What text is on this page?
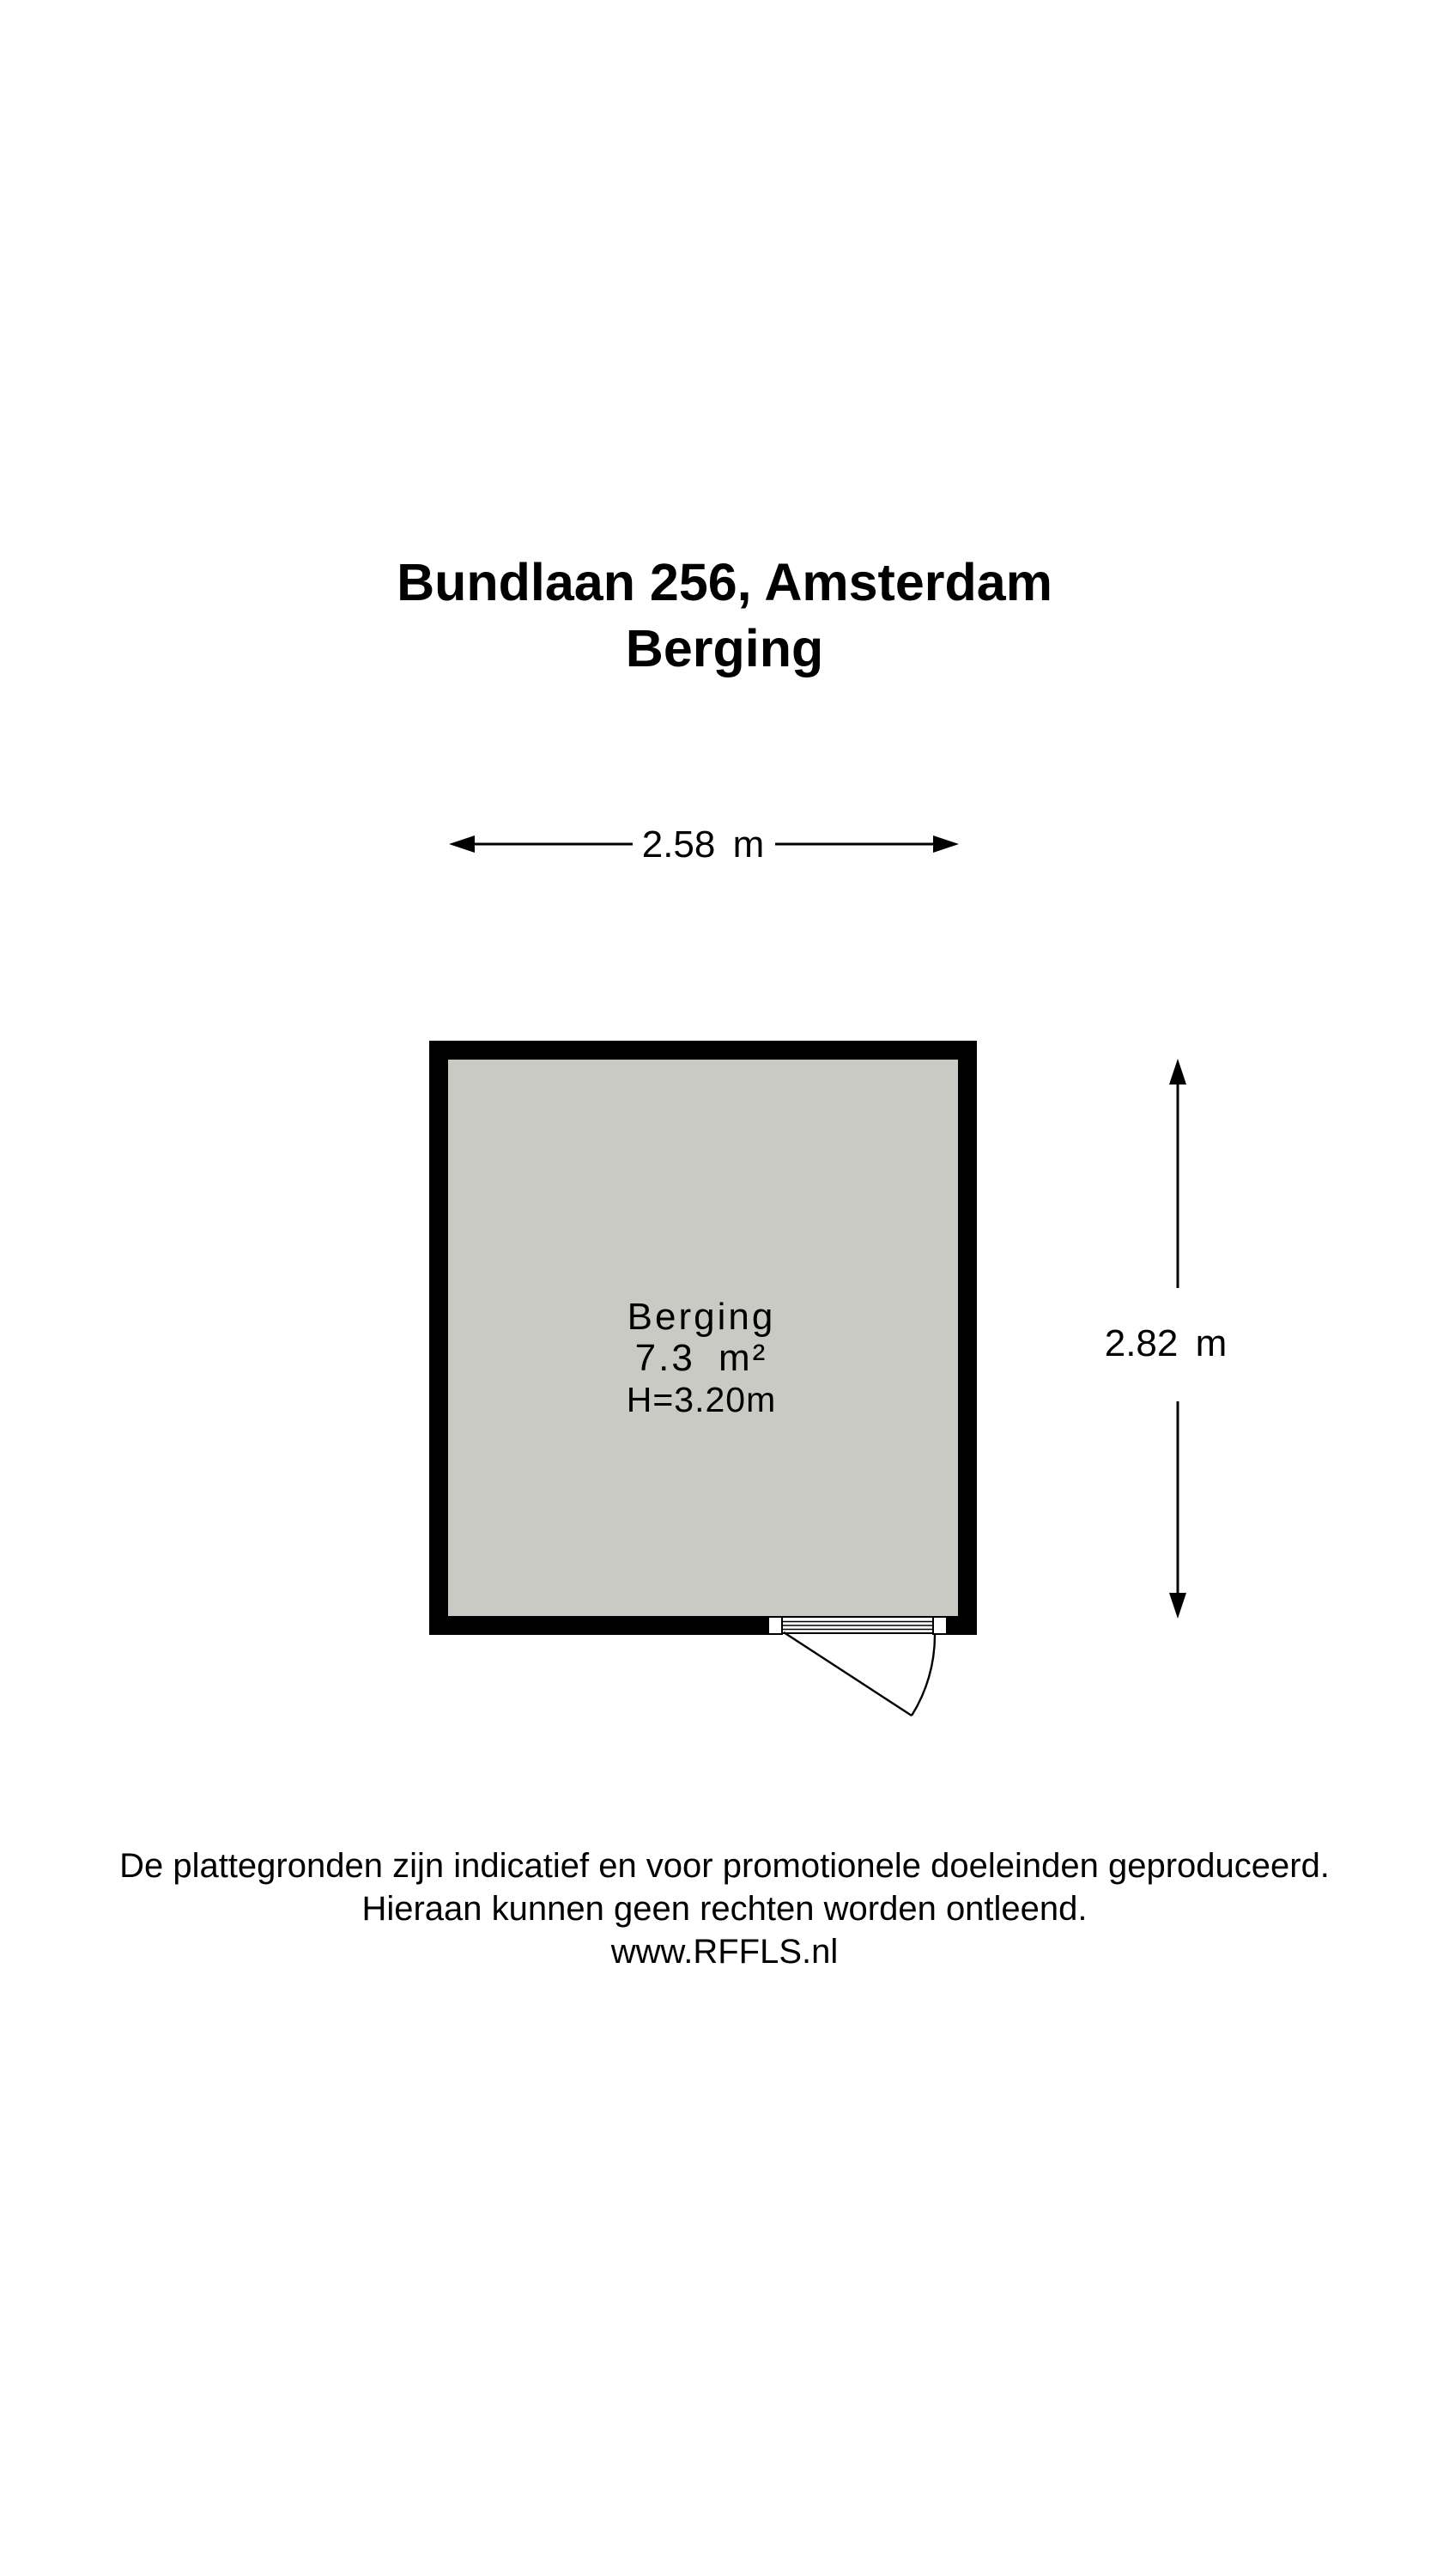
Bundlaan 256, Amsterdam
Berging
2.58 m
Berging
7.3 m²
H=3.20m
2.82 m
De plattegronden zijn indicatief en voor promotionele doeleinden geproduceerd.
Hieraan kunnen geen rechten worden ontleend.
www.RFFLS.nl
